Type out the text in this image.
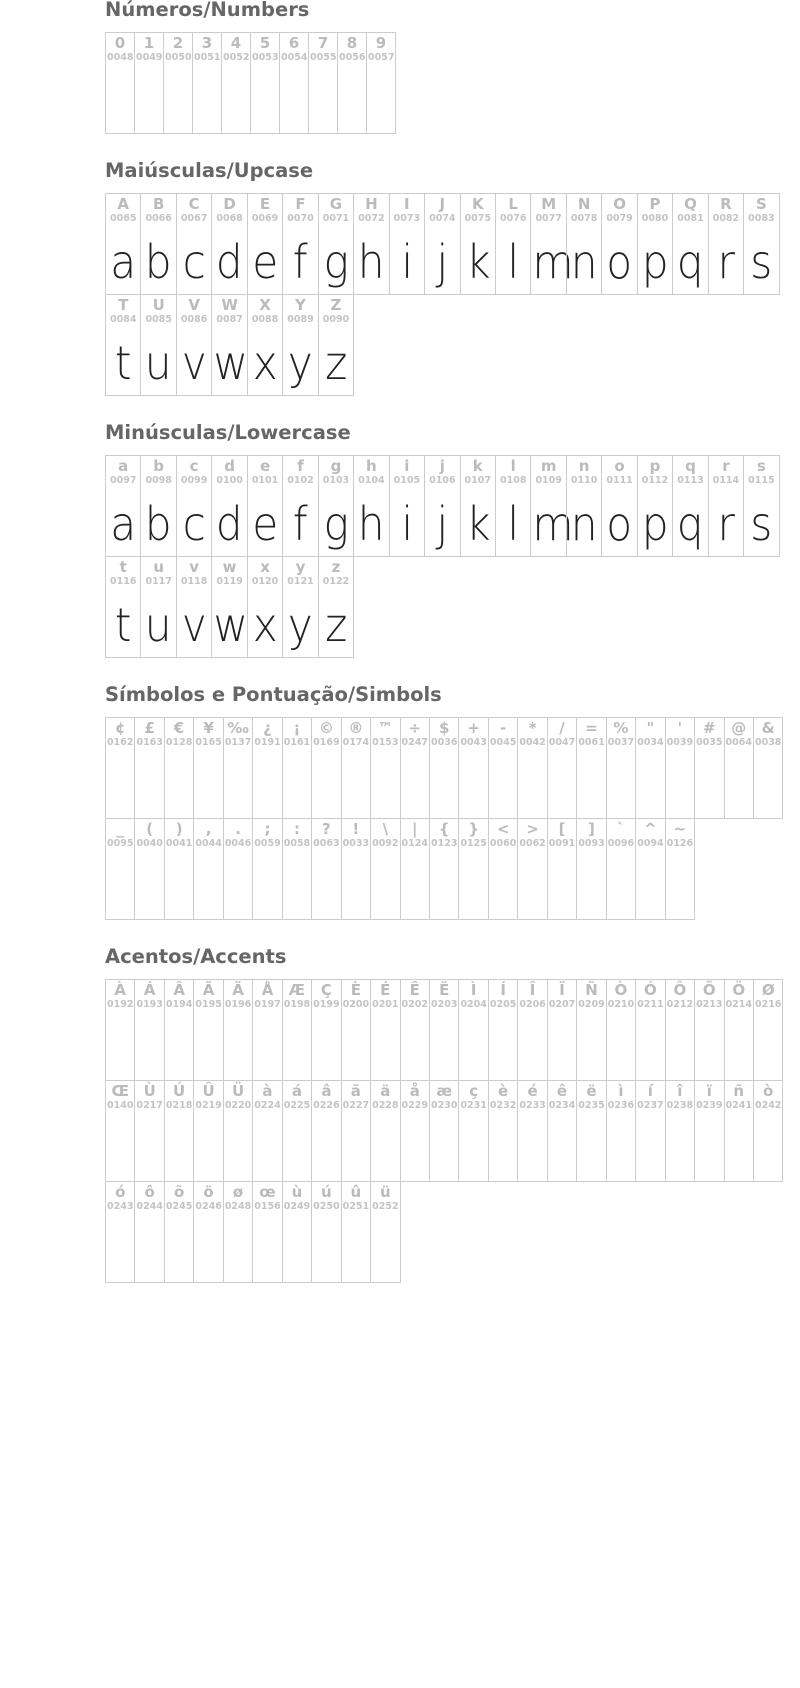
Números/Numbers
0
0048
1
0049
2
0050
3
0051
4
0052
5
0053
6
0054
7
0055
8
0056
9
0057
Maiúsculas/Upcase
A
0065
a
B
0066
b
C
0067
c
D
0068
d
E
0069
e
F
0070
f
G
0071
g
H
0072
h
I
0073
i
J
0074
j
K
0075
k
L
0076
l
M
0077
m
N
0078
n
O
0079
o
P
0080
p
Q
0081
q
R
0082
r
S
0083
s
T
0084
t
U
0085
u
V
0086
v
W
0087
w
X
0088
x
Y
0089
y
Z
0090
z
Minúsculas/Lowercase
a
0097
a
b
0098
b
c
0099
c
d
0100
d
e
0101
e
f
0102
f
g
0103
g
h
0104
h
i
0105
i
j
0106
j
k
0107
k
l
0108
l
m
0109
m
n
0110
n
o
0111
o
p
0112
p
q
0113
q
r
0114
r
s
0115
s
t
0116
t
u
0117
u
v
0118
v
w
0119
w
x
0120
x
y
0121
y
z
0122
z
Símbolos e Pontuação/Simbols
¢
0162
£
0163
€
0128
¥
0165
‰
0137
¿
0191
¡
0161
©
0169
®
0174
™
0153
÷
0247
$
0036
+
0043
-
0045
*
0042
/
0047
=
0061
%
0037
"
0034
'
0039
#
0035
@
0064
&
0038
_
0095
(
0040
)
0041
,
0044
.
0046
;
0059
:
0058
?
0063
!
0033
\
0092
|
0124
{
0123
}
0125
<
0060
>
0062
[
0091
]
0093
`
0096
^
0094
~
0126
Acentos/Accents
À
0192
Á
0193
Â
0194
Ã
0195
Ä
0196
Å
0197
Æ
0198
Ç
0199
È
0200
É
0201
Ê
0202
Ë
0203
Ì
0204
Í
0205
Î
0206
Ï
0207
Ñ
0209
Ò
0210
Ó
0211
Ô
0212
Õ
0213
Ö
0214
Ø
0216
Œ
0140
Ù
0217
Ú
0218
Û
0219
Ü
0220
à
0224
á
0225
â
0226
ã
0227
ä
0228
å
0229
æ
0230
ç
0231
è
0232
é
0233
ê
0234
ë
0235
ì
0236
í
0237
î
0238
ï
0239
ñ
0241
ò
0242
ó
0243
ô
0244
õ
0245
ö
0246
ø
0248
œ
0156
ù
0249
ú
0250
û
0251
ü
0252
